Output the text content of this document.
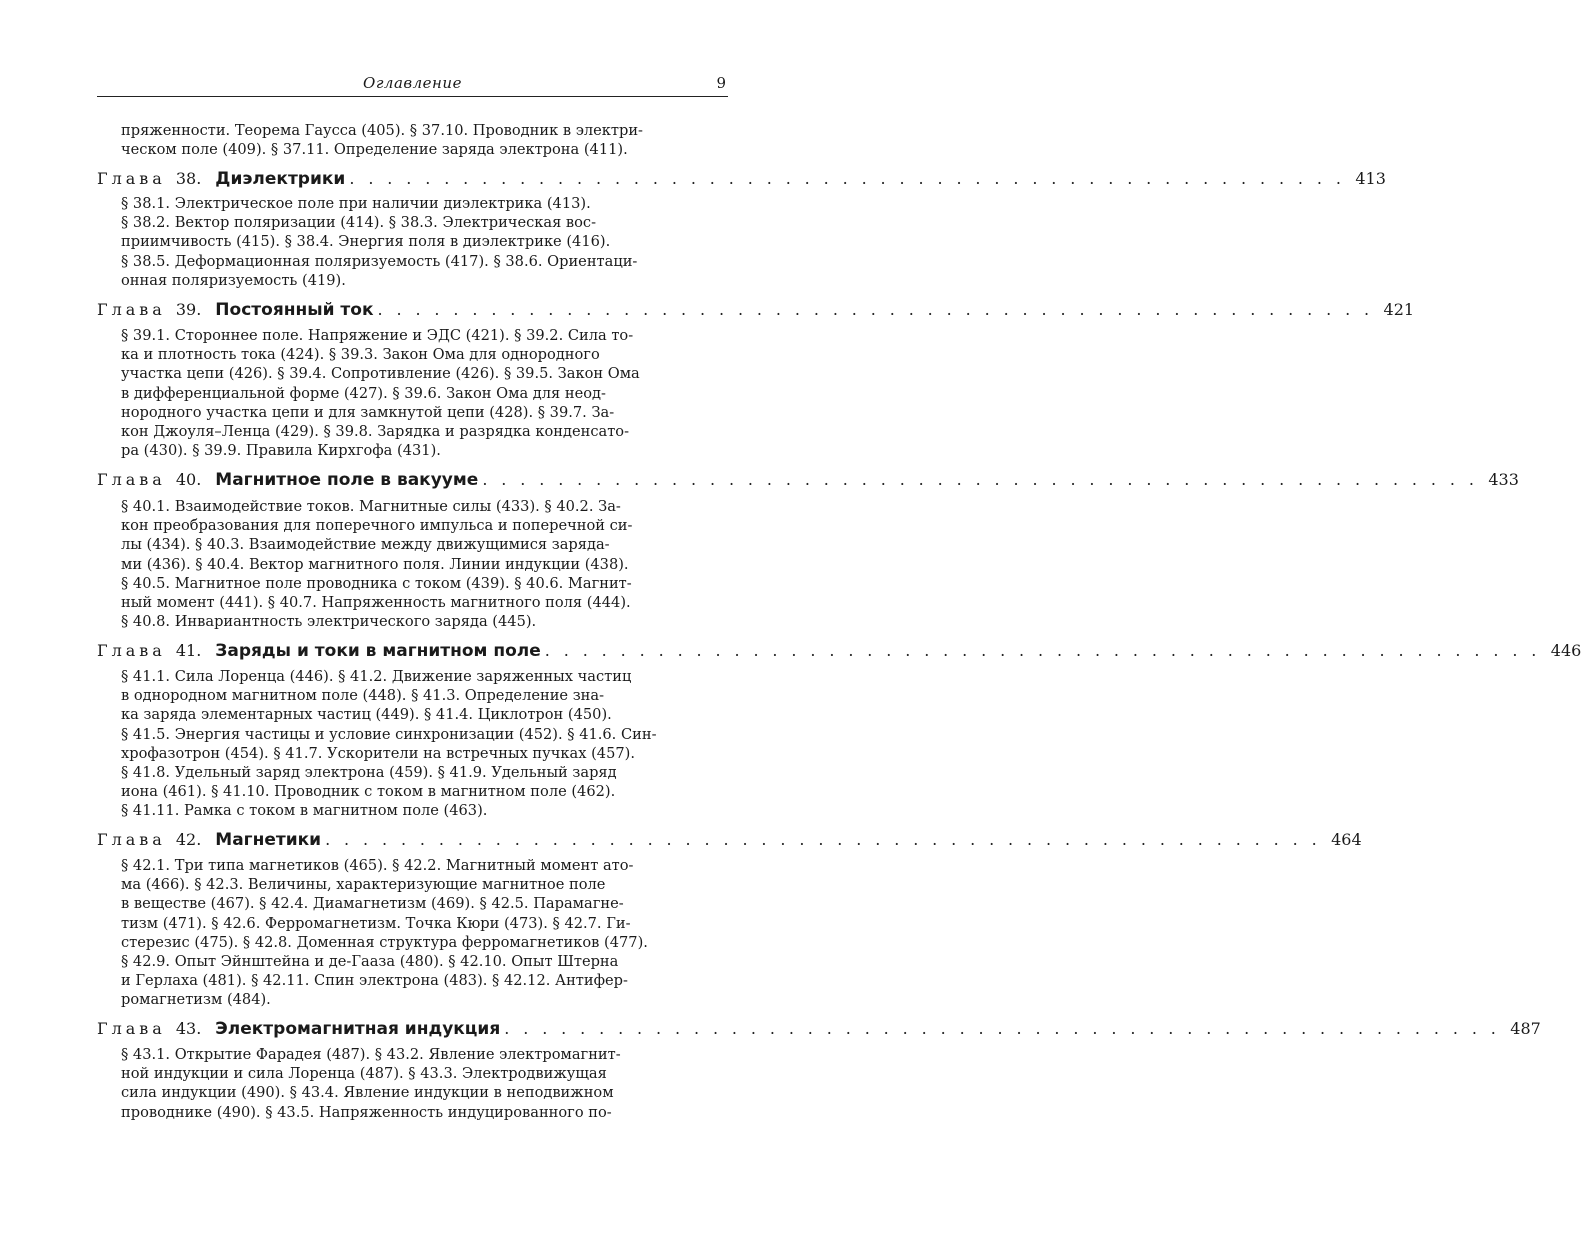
Оглавление	9
пряженности. Теорема Гаусса (405). § 37.10. Проводник в электри-
ческом поле (409). § 37.11. Определение заряда электрона (411).
Глава 38. Диэлектрики . . . . . . . . . . . . . . . . . . . . . . . . . . . . . . . . . . . . . . . . . . . . . . . . . . . . . 413
§ 38.1. Электрическое поле при наличии диэлектрика (413).
§ 38.2. Вектор поляризации (414). § 38.3. Электрическая вос-
приимчивость (415). § 38.4. Энергия поля в диэлектрике (416).
§ 38.5. Деформационная поляризуемость (417). § 38.6. Ориентаци-
онная поляризуемость (419).
Глава 39. Постоянный ток . . . . . . . . . . . . . . . . . . . . . . . . . . . . . . . . . . . . . . . . . . . . . . . . . . . . . 421
§ 39.1. Стороннее поле. Напряжение и ЭДС (421). § 39.2. Сила то-
ка и плотность тока (424). § 39.3. Закон Ома для однородного
участка цепи (426). § 39.4. Сопротивление (426). § 39.5. Закон Ома
в дифференциальной форме (427). § 39.6. Закон Ома для неод-
нородного участка цепи и для замкнутой цепи (428). § 39.7. За-
кон Джоуля–Ленца (429). § 39.8. Зарядка и разрядка конденсато-
ра (430). § 39.9. Правила Кирхгофа (431).
Глава 40. Магнитное поле в вакууме . . . . . . . . . . . . . . . . . . . . . . . . . . . . . . . . . . . . . . . . . . . . . . . . . . . . . 433
§ 40.1. Взаимодействие токов. Магнитные силы (433). § 40.2. За-
кон преобразования для поперечного импульса и поперечной си-
лы (434). § 40.3. Взаимодействие между движущимися заряда-
ми (436). § 40.4. Вектор магнитного поля. Линии индукции (438).
§ 40.5. Магнитное поле проводника с током (439). § 40.6. Магнит-
ный момент (441). § 40.7. Напряженность магнитного поля (444).
§ 40.8. Инвариантность электрического заряда (445).
Глава 41. Заряды и токи в магнитном поле . . . . . . . . . . . . . . . . . . . . . . . . . . . . . . . . . . . . . . . . . . . . . . . . . . . . . 446
§ 41.1. Сила Лоренца (446). § 41.2. Движение заряженных частиц
в однородном магнитном поле (448). § 41.3. Определение зна-
ка заряда элементарных частиц (449). § 41.4. Циклотрон (450).
§ 41.5. Энергия частицы и условие синхронизации (452). § 41.6. Син-
хрофазотрон (454). § 41.7. Ускорители на встречных пучках (457).
§ 41.8. Удельный заряд электрона (459). § 41.9. Удельный заряд
иона (461). § 41.10. Проводник с током в магнитном поле (462).
§ 41.11. Рамка с током в магнитном поле (463).
Глава 42. Магнетики . . . . . . . . . . . . . . . . . . . . . . . . . . . . . . . . . . . . . . . . . . . . . . . . . . . . . 464
§ 42.1. Три типа магнетиков (465). § 42.2. Магнитный момент ато-
ма (466). § 42.3. Величины, характеризующие магнитное поле
в веществе (467). § 42.4. Диамагнетизм (469). § 42.5. Парамагне-
тизм (471). § 42.6. Ферромагнетизм. Точка Кюри (473). § 42.7. Ги-
стерезис (475). § 42.8. Доменная структура ферромагнетиков (477).
§ 42.9. Опыт Эйнштейна и де-Гааза (480). § 42.10. Опыт Штерна
и Герлаха (481). § 42.11. Спин электрона (483). § 42.12. Антифер-
ромагнетизм (484).
Глава 43. Электромагнитная индукция . . . . . . . . . . . . . . . . . . . . . . . . . . . . . . . . . . . . . . . . . . . . . . . . . . . . . 487
§ 43.1. Открытие Фарадея (487). § 43.2. Явление электромагнит-
ной индукции и сила Лоренца (487). § 43.3. Электродвижущая
сила индукции (490). § 43.4. Явление индукции в неподвижном
проводнике (490). § 43.5. Напряженность индуцированного по-
